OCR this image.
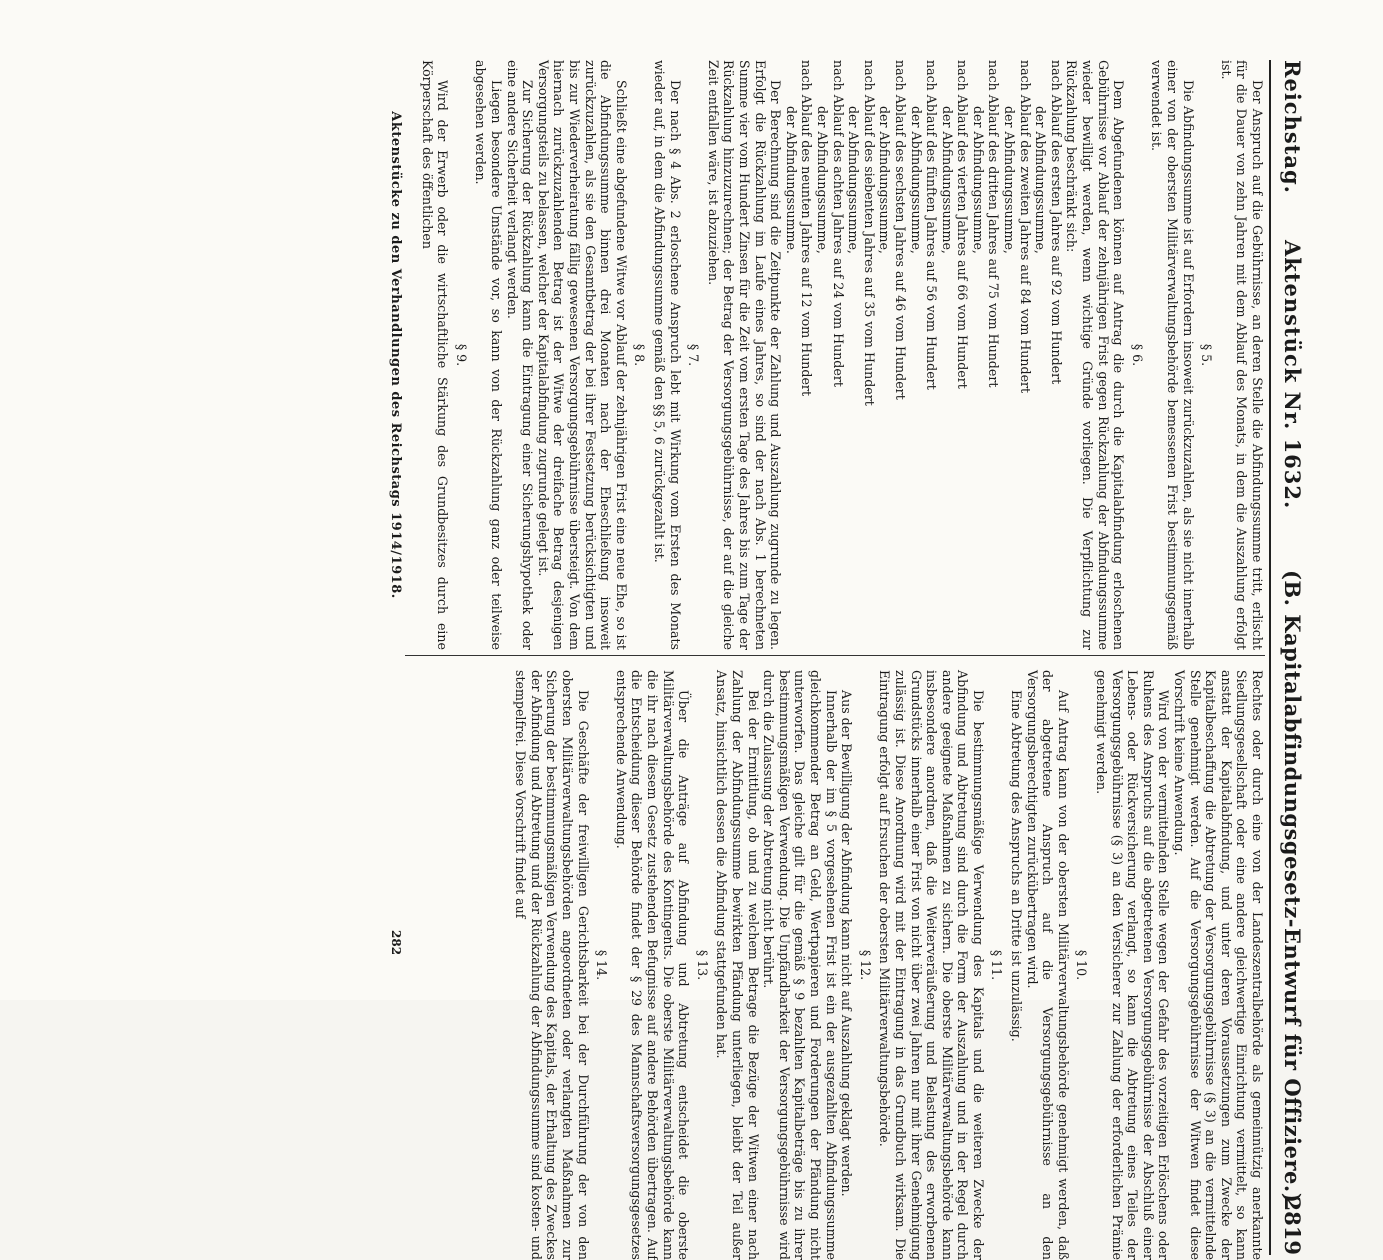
Reichstag.
Aktenstück Nr. 1632.
(B. Kapitalabfindungsgesetz-Entwurf für Offiziere.)
2819

Der Anspruch auf die Gebührnisse, an deren Stelle die Abfindungssumme tritt, erlischt für die Dauer von zehn Jahren mit dem Ablauf des Monats, in dem die Auszahlung erfolgt ist.

§ 5.

Die Abfindungssumme ist auf Erfordern insoweit zurückzuzahlen, als sie nicht innerhalb einer von der obersten Militärverwaltungsbehörde bemessenen Frist bestimmungsgemäß verwendet ist.

§ 6.

Dem Abgefundenen können auf Antrag die durch die Kapitalabfindung erloschenen Gebührnisse vor Ablauf der zehnjährigen Frist gegen Rückzahlung der Abfindungssumme wieder bewilligt werden, wenn wichtige Gründe vorliegen. Die Verpflichtung zur Rückzahlung beschränkt sich:

nach Ablauf des ersten Jahres auf 92 vom Hundert
der Abfindungssumme,
nach Ablauf des zweiten Jahres auf 84 vom Hundert
der Abfindungssumme,
nach Ablauf des dritten Jahres auf 75 vom Hundert
der Abfindungssumme,
nach Ablauf des vierten Jahres auf 66 vom Hundert
der Abfindungssumme,
nach Ablauf des fünften Jahres auf 56 vom Hundert
der Abfindungssumme,
nach Ablauf des sechsten Jahres auf 46 vom Hundert
der Abfindungssumme,
nach Ablauf des siebenten Jahres auf 35 vom Hundert
der Abfindungssumme,
nach Ablauf des achten Jahres auf 24 vom Hundert
der Abfindungssumme,
nach Ablauf des neunten Jahres auf 12 vom Hundert
der Abfindungssumme.

Der Berechnung sind die Zeitpunkte der Zahlung und Auszahlung zugrunde zu legen. Erfolgt die Rückzahlung im Laufe eines Jahres, so sind der nach Abs. 1 berechneten Summe vier vom Hundert Zinsen für die Zeit vom ersten Tage des Jahres bis zum Tage der Rückzahlung hinzuzurechnen; der Betrag der Versorgungsgebührnisse, der auf die gleiche Zeit entfallen wäre, ist abzuziehen.

§ 7.

Der nach § 4 Abs. 2 erloschene Anspruch lebt mit Wirkung vom Ersten des Monats wieder auf, in dem die Abfindungssumme gemäß den §§ 5, 6 zurückgezahlt ist.

§ 8.

Schließt eine abgefundene Witwe vor Ablauf der zehnjährigen Frist eine neue Ehe, so ist die Abfindungssumme binnen drei Monaten nach der Eheschließung insoweit zurückzuzahlen, als sie den Gesamtbetrag der bei ihrer Festsetzung berücksichtigten und bis zur Wiederverheiratung fällig gewesenen Versorgungsgebührnisse übersteigt. Von dem hiernach zurückzuzahlenden Betrag ist der Witwe der dreifache Betrag desjenigen Versorgungsteils zu belassen, welcher der Kapitalabfindung zugrunde gelegt ist.

Zur Sicherung der Rückzahlung kann die Eintragung einer Sicherungshypothek oder eine andere Sicherheit verlangt werden.

Liegen besondere Umstände vor, so kann von der Rückzahlung ganz oder teilweise abgesehen werden.

§ 9.

Wird der Erwerb oder die wirtschaftliche Stärkung des Grundbesitzes durch eine Körperschaft des öffentlichen

Rechtes oder durch eine von der Landeszentralbehörde als gemeinnützig anerkannte Siedlungsgesellschaft oder eine andere gleichwertige Einrichtung vermittelt, so kann anstatt der Kapitalabfindung, und unter deren Voraussetzungen zum Zwecke der Kapitalbeschaffung die Abtretung der Versorgungsgebührnisse (§ 3) an die vermittelnde Stelle genehmigt werden. Auf die Versorgungsgebührnisse der Witwen findet diese Vorschrift keine Anwendung.

Wird von der vermittelnden Stelle wegen der Gefahr des vorzeitigen Erlöschens oder Ruhens des Anspruchs auf die abgetretenen Versorgungsgebührnisse der Abschluß einer Lebens- oder Rückversicherung verlangt, so kann die Abtretung eines Teiles der Versorgungsgebührnisse (§ 3) an den Versicherer zur Zahlung der erforderlichen Prämie genehmigt werden.

§ 10.

Auf Antrag kann von der obersten Militärverwaltungsbehörde genehmigt werden, daß der abgetretene Anspruch auf die Versorgungsgebührnisse an den Versorgungsberechtigten zurückübertragen wird.

Eine Abtretung des Anspruchs an Dritte ist unzulässig.

§ 11.

Die bestimmungsmäßige Verwendung des Kapitals und die weiteren Zwecke der Abfindung und Abtretung sind durch die Form der Auszahlung und in der Regel durch andere geeignete Maßnahmen zu sichern. Die oberste Militärverwaltungsbehörde kann insbesondere anordnen, daß die Weiterveräußerung und Belastung des erworbenen Grundstücks innerhalb einer Frist von nicht über zwei Jahren nur mit ihrer Genehmigung zulässig ist. Diese Anordnung wird mit der Eintragung in das Grundbuch wirksam. Die Eintragung erfolgt auf Ersuchen der obersten Militärverwaltungsbehörde.

§ 12.

Aus der Bewilligung der Abfindung kann nicht auf Auszahlung geklagt werden.

Innerhalb der im § 5 vorgesehenen Frist ist ein der ausgezahlten Abfindungssumme gleichkommender Betrag an Geld, Wertpapieren und Forderungen der Pfändung nicht unterworfen. Das gleiche gilt für die gemäß § 9 bezahlten Kapitalbeträge bis zu ihrer bestimmungsmäßigen Verwendung. Die Unpfändbarkeit der Versorgungsgebührnisse wird durch die Zulassung der Abtretung nicht berührt.

Bei der Ermittlung, ob und zu welchem Betrage die Bezüge der Witwen einer nach Zahlung der Abfindungssumme bewirkten Pfändung unterliegen, bleibt der Teil außer Ansatz, hinsichtlich dessen die Abfindung stattgefunden hat.

§ 13.

Über die Anträge auf Abfindung und Abtretung entscheidet die oberste Militärverwaltungsbehörde des Kontingents. Die oberste Militärverwaltungsbehörde kann die ihr nach diesem Gesetz zustehenden Befugnisse auf andere Behörden übertragen. Auf die Entscheidung dieser Behörde findet der § 29 des Mannschaftsversorgungsgesetzes entsprechende Anwendung.

§ 14.

Die Geschäfte der freiwilligen Gerichtsbarkeit bei der Durchführung der von den obersten Militärverwaltungsbehörden angeordneten oder verlangten Maßnahmen zur Sicherung der bestimmungsmäßigen Verwendung des Kapitals, der Erhaltung des Zweckes der Abfindung und Abtretung und der Rückzahlung der Abfindungssumme sind kosten- und stempelfrei. Diese Vorschrift findet auf

Aktenstücke zu den Verhandlungen des Reichstags 1914/1918.
282
